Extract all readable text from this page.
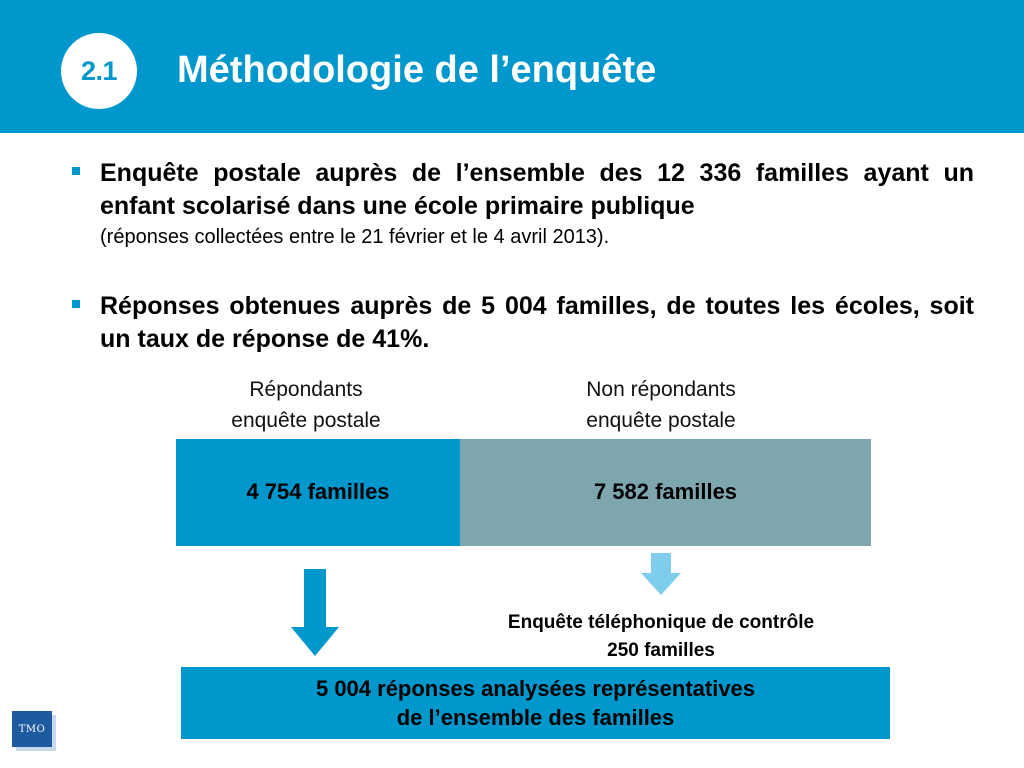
2.1 Méthodologie de l’enquête
Enquête postale auprès de l’ensemble des 12 336 familles ayant un enfant scolarisé dans une école primaire publique
(réponses collectées entre le 21 février et le 4 avril 2013).
Réponses obtenues auprès de 5 004 familles, de toutes les écoles, soit un taux de réponse de 41%.
Répondants
enquête postale
Non répondants
enquête postale
4 754 familles	7 582 familles
Enquête téléphonique de contrôle
250 familles
5 004 réponses analysées représentatives
de l’ensemble des familles
TMO
